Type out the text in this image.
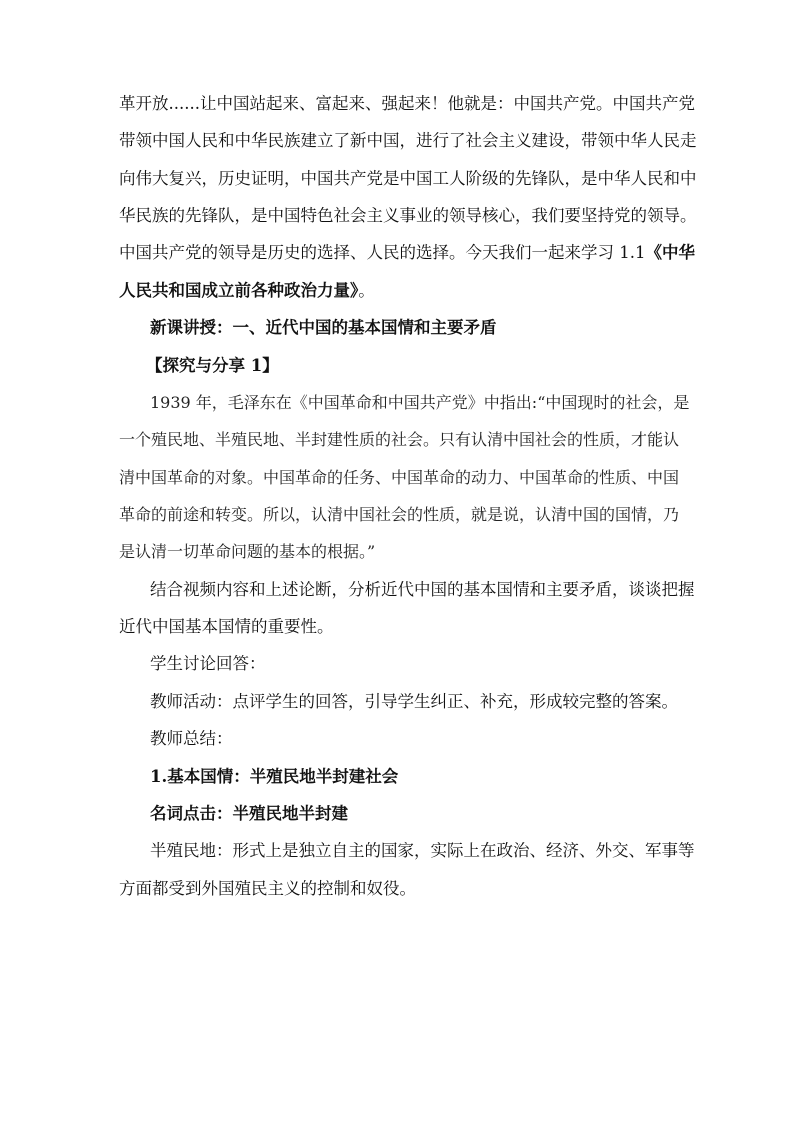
革开放......让中国站起来、富起来、强起来！他就是：中国共产党。中国共产党
带领中国人民和中华民族建立了新中国，进行了社会主义建设，带领中华人民走
向伟大复兴，历史证明，中国共产党是中国工人阶级的先锋队，是中华人民和中
华民族的先锋队，是中国特色社会主义事业的领导核心，我们要坚持党的领导。
中国共产党的领导是历史的选择、人民的选择。今天我们一起来学习 1.1《中华
人民共和国成立前各种政治力量》。
新课讲授：一、近代中国的基本国情和主要矛盾
【探究与分享 1】
1939 年，毛泽东在《中国革命和中国共产党》中指出:“中国现时的社会，是
一个殖民地、半殖民地、半封建性质的社会。只有认清中国社会的性质，才能认
清中国革命的对象。中国革命的任务、中国革命的动力、中国革命的性质、中国
革命的前途和转变。所以，认清中国社会的性质，就是说，认清中国的国情，乃
是认清一切革命问题的基本的根据。”
结合视频内容和上述论断，分析近代中国的基本国情和主要矛盾，谈谈把握
近代中国基本国情的重要性。
学生讨论回答：
教师活动：点评学生的回答，引导学生纠正、补充，形成较完整的答案。
教师总结：
1.基本国情：半殖民地半封建社会
名词点击：半殖民地半封建
半殖民地：形式上是独立自主的国家，实际上在政治、经济、外交、军事等
方面都受到外国殖民主义的控制和奴役。
